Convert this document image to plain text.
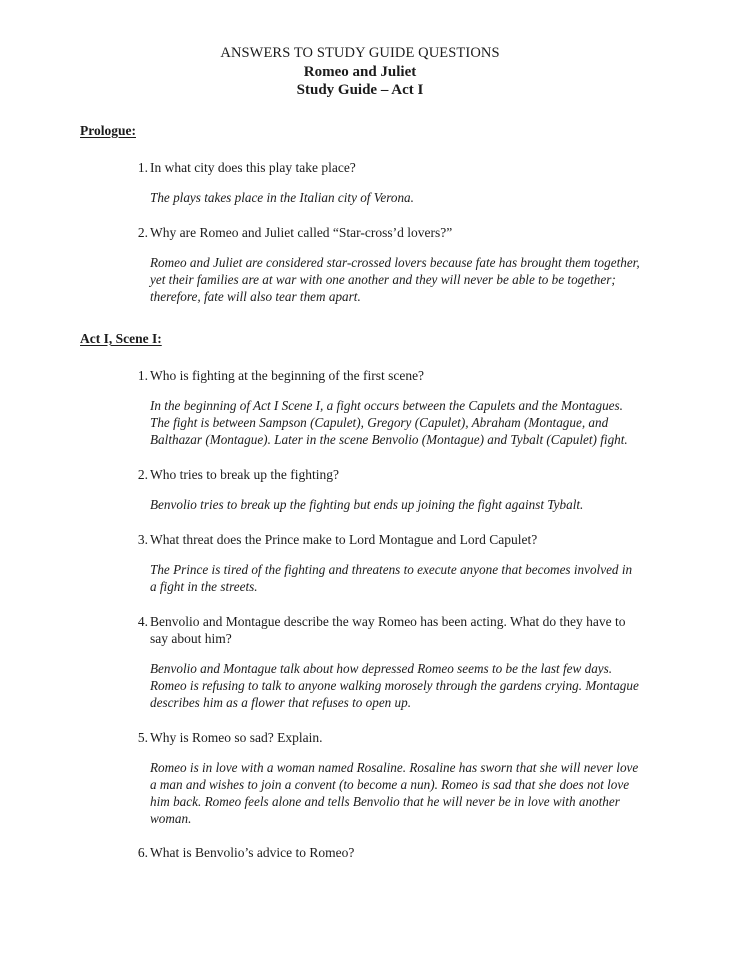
ANSWERS TO STUDY GUIDE QUESTIONS
Romeo and Juliet
Study Guide – Act I
Prologue:
1. In what city does this play take place?

The plays takes place in the Italian city of Verona.

2. Why are Romeo and Juliet called “Star-cross’d lovers?”

Romeo and Juliet are considered star-crossed lovers because fate has brought them together, yet their families are at war with one another and they will never be able to be together; therefore, fate will also tear them apart.

Act I, Scene I:
1. Who is fighting at the beginning of the first scene?

In the beginning of Act I Scene I, a fight occurs between the Capulets and the Montagues. The fight is between Sampson (Capulet), Gregory (Capulet), Abraham (Montague, and Balthazar (Montague). Later in the scene Benvolio (Montague) and Tybalt (Capulet) fight.

2. Who tries to break up the fighting?

Benvolio tries to break up the fighting but ends up joining the fight against Tybalt.

3. What threat does the Prince make to Lord Montague and Lord Capulet?

The Prince is tired of the fighting and threatens to execute anyone that becomes involved in a fight in the streets.

4. Benvolio and Montague describe the way Romeo has been acting. What do they have to say about him?

Benvolio and Montague talk about how depressed Romeo seems to be the last few days. Romeo is refusing to talk to anyone walking morosely through the gardens crying. Montague describes him as a flower that refuses to open up.

5. Why is Romeo so sad? Explain.

Romeo is in love with a woman named Rosaline. Rosaline has sworn that she will never love a man and wishes to join a convent (to become a nun). Romeo is sad that she does not love him back. Romeo feels alone and tells Benvolio that he will never be in love with another woman.

6. What is Benvolio’s advice to Romeo?
